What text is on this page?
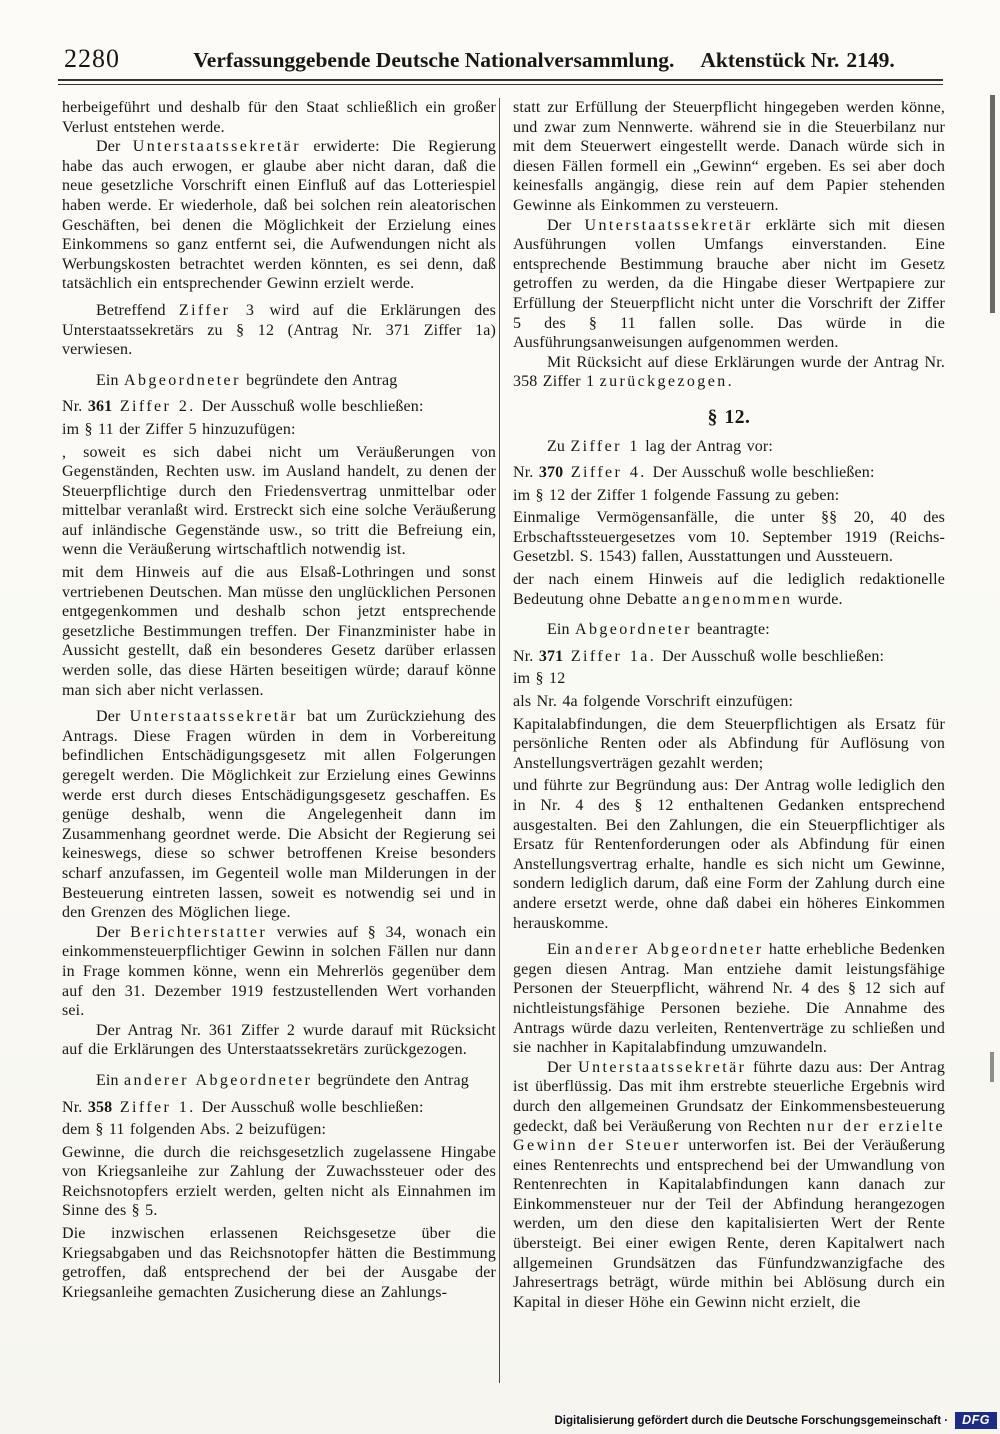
2280	Verfassunggebende Deutsche Nationalversammlung. Aktenstück Nr. 2149.

herbeigeführt und deshalb für den Staat schließlich ein großer Verlust entstehen werde.

Der Unterstaatssekretär erwiderte: Die Regierung habe das auch erwogen, er glaube aber nicht daran, daß die neue gesetzliche Vorschrift einen Einfluß auf das Lotteriespiel haben werde. Er wiederhole, daß bei solchen rein aleatorischen Geschäften, bei denen die Möglichkeit der Erzielung eines Einkommens so ganz entfernt sei, die Aufwendungen nicht als Werbungskosten betrachtet werden könnten, es sei denn, daß tatsächlich ein entsprechender Gewinn erzielt werde.

Betreffend Ziffer 3 wird auf die Erklärungen des Unterstaatssekretärs zu § 12 (Antrag Nr. 371 Ziffer 1a) verwiesen.

Ein Abgeordneter begründete den Antrag

Nr. 361 Ziffer 2. Der Ausschuß wolle beschließen:

im § 11 der Ziffer 5 hinzuzufügen:

, soweit es sich dabei nicht um Veräußerungen von Gegenständen, Rechten usw. im Ausland handelt, zu denen der Steuerpflichtige durch den Friedensvertrag unmittelbar oder mittelbar veranlaßt wird. Erstreckt sich eine solche Veräußerung auf inländische Gegenstände usw., so tritt die Befreiung ein, wenn die Veräußerung wirtschaftlich notwendig ist.

mit dem Hinweis auf die aus Elsaß-Lothringen und sonst vertriebenen Deutschen. Man müsse den unglücklichen Personen entgegenkommen und deshalb schon jetzt entsprechende gesetzliche Bestimmungen treffen. Der Finanzminister habe in Aussicht gestellt, daß ein besonderes Gesetz darüber erlassen werden solle, das diese Härten beseitigen würde; darauf könne man sich aber nicht verlassen.

Der Unterstaatssekretär bat um Zurückziehung des Antrags. Diese Fragen würden in dem in Vorbereitung befindlichen Entschädigungsgesetz mit allen Folgerungen geregelt werden. Die Möglichkeit zur Erzielung eines Gewinns werde erst durch dieses Entschädigungsgesetz geschaffen. Es genüge deshalb, wenn die Angelegenheit dann im Zusammenhang geordnet werde. Die Absicht der Regierung sei keineswegs, diese so schwer betroffenen Kreise besonders scharf anzufassen, im Gegenteil wolle man Milderungen in der Besteuerung eintreten lassen, soweit es notwendig sei und in den Grenzen des Möglichen liege.

Der Berichterstatter verwies auf § 34, wonach ein einkommensteuerpflichtiger Gewinn in solchen Fällen nur dann in Frage kommen könne, wenn ein Mehrerlös gegenüber dem auf den 31. Dezember 1919 festzustellenden Wert vorhanden sei.

Der Antrag Nr. 361 Ziffer 2 wurde darauf mit Rücksicht auf die Erklärungen des Unterstaatssekretärs zurückgezogen.

Ein anderer Abgeordneter begründete den Antrag

Nr. 358 Ziffer 1. Der Ausschuß wolle beschließen:

dem § 11 folgenden Abs. 2 beizufügen:

Gewinne, die durch die reichsgesetzlich zugelassene Hingabe von Kriegsanleihe zur Zahlung der Zuwachssteuer oder des Reichsnotopfers erzielt werden, gelten nicht als Einnahmen im Sinne des § 5.

Die inzwischen erlassenen Reichsgesetze über die Kriegsabgaben und das Reichsnotopfer hätten die Bestimmung getroffen, daß entsprechend der bei der Ausgabe der Kriegsanleihe gemachten Zusicherung diese an Zahlungs-

statt zur Erfüllung der Steuerpflicht hingegeben werden könne, und zwar zum Nennwerte. während sie in die Steuerbilanz nur mit dem Steuerwert eingestellt werde. Danach würde sich in diesen Fällen formell ein „Gewinn“ ergeben. Es sei aber doch keinesfalls angängig, diese rein auf dem Papier stehenden Gewinne als Einkommen zu versteuern.

Der Unterstaatssekretär erklärte sich mit diesen Ausführungen vollen Umfangs einverstanden. Eine entsprechende Bestimmung brauche aber nicht im Gesetz getroffen zu werden, da die Hingabe dieser Wertpapiere zur Erfüllung der Steuerpflicht nicht unter die Vorschrift der Ziffer 5 des § 11 fallen solle. Das würde in die Ausführungsanweisungen aufgenommen werden.

Mit Rücksicht auf diese Erklärungen wurde der Antrag Nr. 358 Ziffer 1 zurückgezogen.

§ 12.

Zu Ziffer 1 lag der Antrag vor:

Nr. 370 Ziffer 4. Der Ausschuß wolle beschließen:

im § 12 der Ziffer 1 folgende Fassung zu geben:

Einmalige Vermögensanfälle, die unter §§ 20, 40 des Erbschaftssteuergesetzes vom 10. September 1919 (Reichs-Gesetzbl. S. 1543) fallen, Ausstattungen und Aussteuern.

der nach einem Hinweis auf die lediglich redaktionelle Bedeutung ohne Debatte angenommen wurde.

Ein Abgeordneter beantragte:

Nr. 371 Ziffer 1a. Der Ausschuß wolle beschließen:

im § 12

als Nr. 4a folgende Vorschrift einzufügen:

Kapitalabfindungen, die dem Steuerpflichtigen als Ersatz für persönliche Renten oder als Abfindung für Auflösung von Anstellungsverträgen gezahlt werden;

und führte zur Begründung aus: Der Antrag wolle lediglich den in Nr. 4 des § 12 enthaltenen Gedanken entsprechend ausgestalten. Bei den Zahlungen, die ein Steuerpflichtiger als Ersatz für Rentenforderungen oder als Abfindung für einen Anstellungsvertrag erhalte, handle es sich nicht um Gewinne, sondern lediglich darum, daß eine Form der Zahlung durch eine andere ersetzt werde, ohne daß dabei ein höheres Einkommen herauskomme.

Ein anderer Abgeordneter hatte erhebliche Bedenken gegen diesen Antrag. Man entziehe damit leistungsfähige Personen der Steuerpflicht, während Nr. 4 des § 12 sich auf nichtleistungsfähige Personen beziehe. Die Annahme des Antrags würde dazu verleiten, Rentenverträge zu schließen und sie nachher in Kapitalabfindung umzuwandeln.

Der Unterstaatssekretär führte dazu aus: Der Antrag ist überflüssig. Das mit ihm erstrebte steuerliche Ergebnis wird durch den allgemeinen Grundsatz der Einkommensbesteuerung gedeckt, daß bei Veräußerung von Rechten nur der erzielte Gewinn der Steuer unterworfen ist. Bei der Veräußerung eines Rentenrechts und entsprechend bei der Umwandlung von Rentenrechten in Kapitalabfindungen kann danach zur Einkommensteuer nur der Teil der Abfindung herangezogen werden, um den diese den kapitalisierten Wert der Rente übersteigt. Bei einer ewigen Rente, deren Kapitalwert nach allgemeinen Grundsätzen das Fünfundzwanzigfache des Jahresertrags beträgt, würde mithin bei Ablösung durch ein Kapital in dieser Höhe ein Gewinn nicht erzielt, die

Digitalisierung gefördert durch die Deutsche Forschungsgemeinschaft ·	DFG
